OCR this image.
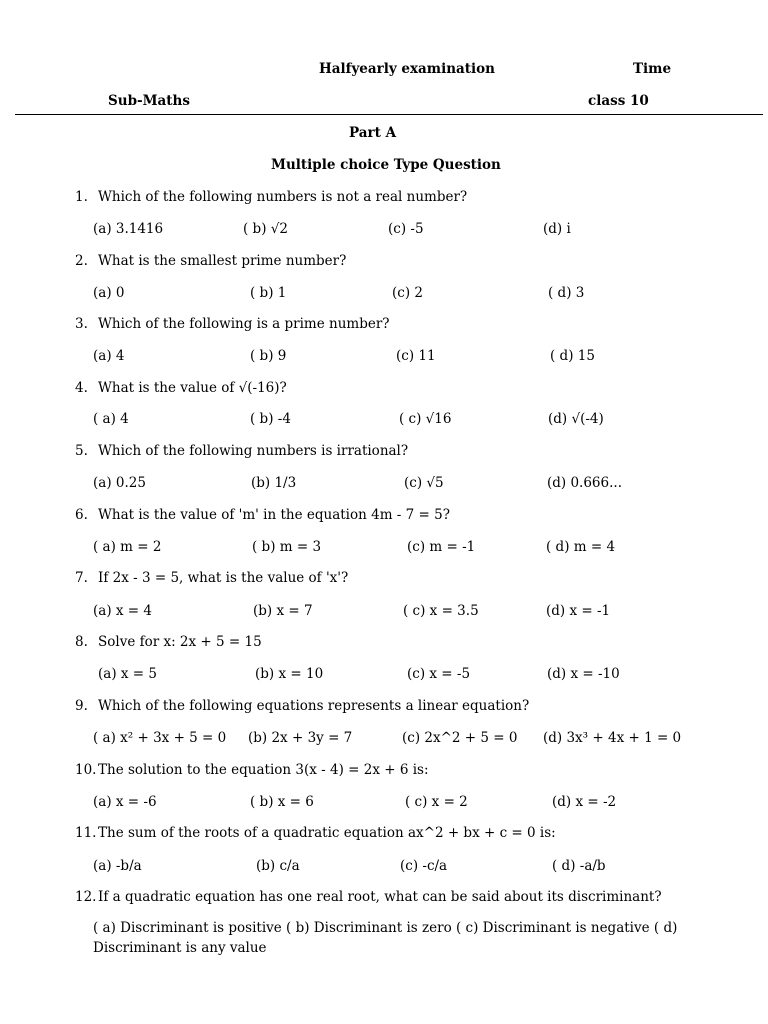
Halfyearly examination	Time
Sub-Maths	class 10
Part A
Multiple choice Type Question
1. Which of the following numbers is not a real number?
(a) 3.1416	( b) √2	(c) -5	(d) i
2. What is the smallest prime number?
(a) 0	( b) 1	(c) 2	( d) 3
3. Which of the following is a prime number?
(a) 4	( b) 9	(c) 11	( d) 15
4. What is the value of √(-16)?
( a) 4	( b) -4	( c) √16	(d) √(-4)
5. Which of the following numbers is irrational?
(a) 0.25	(b) 1/3	(c) √5	(d) 0.666...
6. What is the value of 'm' in the equation 4m - 7 = 5?
( a) m = 2	( b) m = 3	(c) m = -1	( d) m = 4
7. If 2x - 3 = 5, what is the value of 'x'?
(a) x = 4	(b) x = 7	( c) x = 3.5	(d) x = -1
8. Solve for x: 2x + 5 = 15
(a) x = 5	(b) x = 10	(c) x = -5	(d) x = -10
9. Which of the following equations represents a linear equation?
( a) x² + 3x + 5 = 0 (b) 2x + 3y = 7	(c) 2x^2 + 5 = 0 (d) 3x³ + 4x + 1 = 0
10. The solution to the equation 3(x - 4) = 2x + 6 is:
(a) x = -6	( b) x = 6	( c) x = 2	(d) x = -2
11. The sum of the roots of a quadratic equation ax^2 + bx + c = 0 is:
(a) -b/a	(b) c/a	(c) -c/a	( d) -a/b
12. If a quadratic equation has one real root, what can be said about its discriminant?
( a) Discriminant is positive ( b) Discriminant is zero ( c) Discriminant is negative ( d)
Discriminant is any value
